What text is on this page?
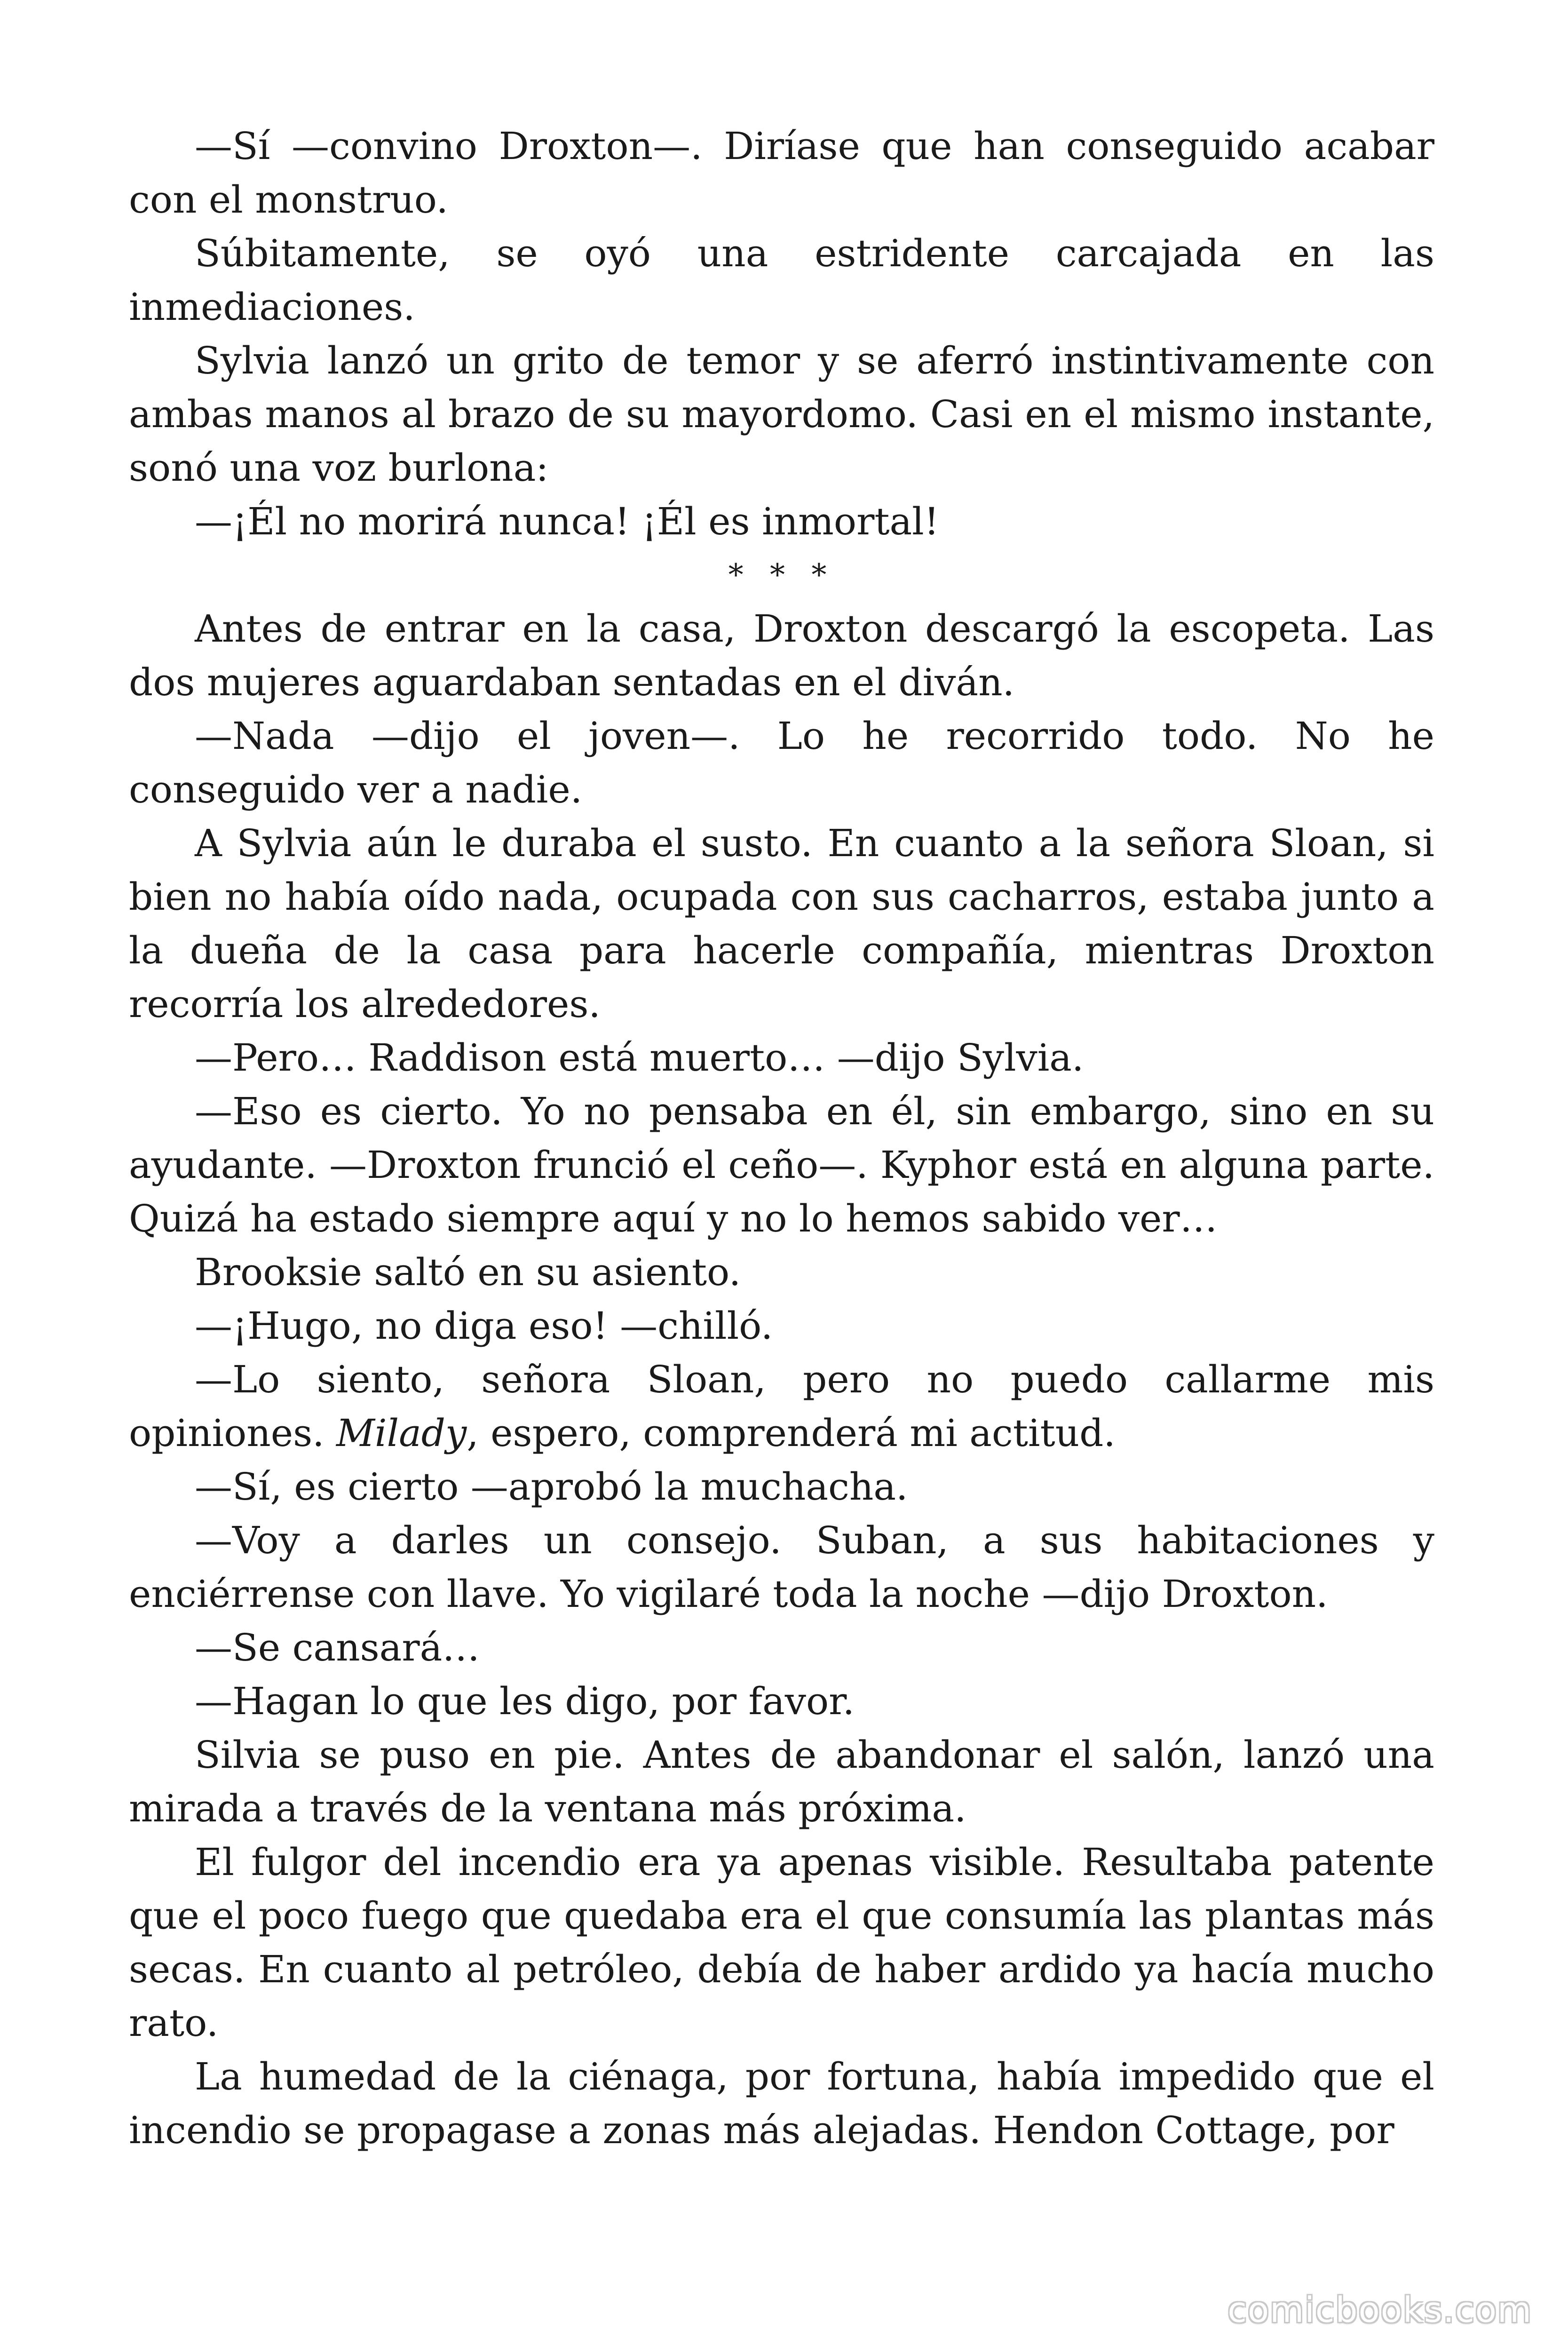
—Sí —convino Droxton—. Diríase que han conseguido acabar con el monstruo.

Súbitamente, se oyó una estridente carcajada en las inmediaciones.

Sylvia lanzó un grito de temor y se aferró instintivamente con ambas manos al brazo de su mayordomo. Casi en el mismo instante, sonó una voz burlona:

—¡Él no morirá nunca! ¡Él es inmortal!

* * *

Antes de entrar en la casa, Droxton descargó la escopeta. Las dos mujeres aguardaban sentadas en el diván.

—Nada —dijo el joven—. Lo he recorrido todo. No he conseguido ver a nadie.

A Sylvia aún le duraba el susto. En cuanto a la señora Sloan, si bien no había oído nada, ocupada con sus cacharros, estaba junto a la dueña de la casa para hacerle compañía, mientras Droxton recorría los alrededores.

—Pero… Raddison está muerto… —dijo Sylvia.

—Eso es cierto. Yo no pensaba en él, sin embargo, sino en su ayudante. —Droxton frunció el ceño—. Kyphor está en alguna parte. Quizá ha estado siempre aquí y no lo hemos sabido ver…

Brooksie saltó en su asiento.

—¡Hugo, no diga eso! —chilló.

—Lo siento, señora Sloan, pero no puedo callarme mis opiniones. Milady, espero, comprenderá mi actitud.

—Sí, es cierto —aprobó la muchacha.

—Voy a darles un consejo. Suban, a sus habitaciones y enciérrense con llave. Yo vigilaré toda la noche —dijo Droxton.

—Se cansará…

—Hagan lo que les digo, por favor.

Silvia se puso en pie. Antes de abandonar el salón, lanzó una mirada a través de la ventana más próxima.

El fulgor del incendio era ya apenas visible. Resultaba patente que el poco fuego que quedaba era el que consumía las plantas más secas. En cuanto al petróleo, debía de haber ardido ya hacía mucho rato.

La humedad de la ciénaga, por fortuna, había impedido que el incendio se propagase a zonas más alejadas. Hendon Cottage, por

comicbooks.com
